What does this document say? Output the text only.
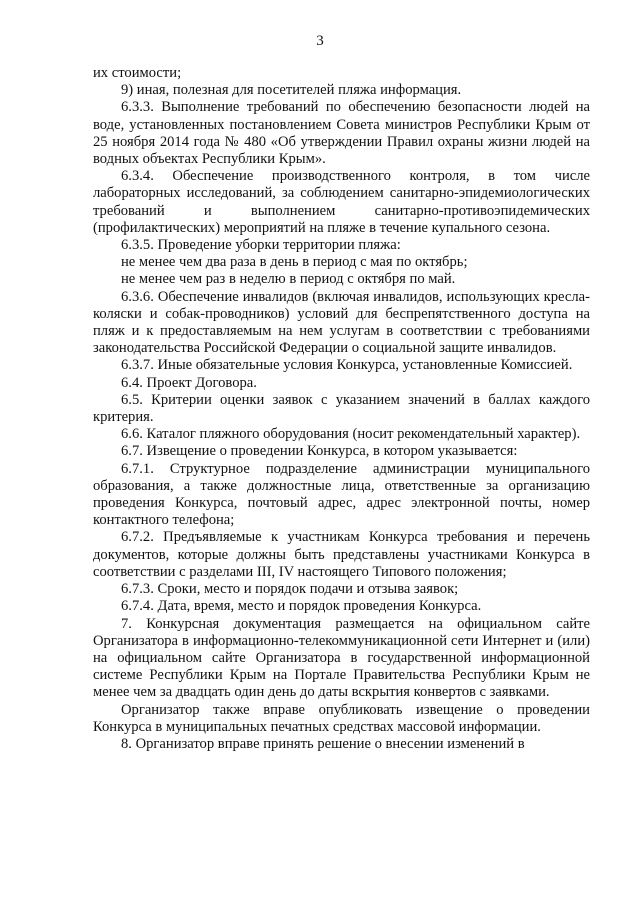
3

их стоимости;

9) иная, полезная для посетителей пляжа информация.

6.3.3. Выполнение требований по обеспечению безопасности людей на воде, установленных постановлением Совета министров Республики Крым от 25 ноября 2014 года № 480 «Об утверждении Правил охраны жизни людей на водных объектах Республики Крым».

6.3.4. Обеспечение производственного контроля, в том числе лабораторных исследований, за соблюдением санитарно-эпидемиологических требований и выполнением санитарно-противоэпидемических (профилактических) мероприятий на пляже в течение купального сезона.

6.3.5. Проведение уборки территории пляжа:

не менее чем два раза в день в период с мая по октябрь;

не менее чем раз в неделю в период с октября по май.

6.3.6. Обеспечение инвалидов (включая инвалидов, использующих кресла-коляски и собак-проводников) условий для беспрепятственного доступа на пляж и к предоставляемым на нем услугам в соответствии с требованиями законодательства Российской Федерации о социальной защите инвалидов.

6.3.7. Иные обязательные условия Конкурса, установленные Комиссией.

6.4. Проект Договора.

6.5. Критерии оценки заявок с указанием значений в баллах каждого критерия.

6.6. Каталог пляжного оборудования (носит рекомендательный характер).

6.7. Извещение о проведении Конкурса, в котором указывается:

6.7.1. Структурное подразделение администрации муниципального образования, а также должностные лица, ответственные за организацию проведения Конкурса, почтовый адрес, адрес электронной почты, номер контактного телефона;

6.7.2. Предъявляемые к участникам Конкурса требования и перечень документов, которые должны быть представлены участниками Конкурса в соответствии с разделами III, IV настоящего Типового положения;

6.7.3. Сроки, место и порядок подачи и отзыва заявок;

6.7.4. Дата, время, место и порядок проведения Конкурса.

7. Конкурсная документация размещается на официальном сайте Организатора в информационно-телекоммуникационной сети Интернет и (или) на официальном сайте Организатора в государственной информационной системе Республики Крым на Портале Правительства Республики Крым не менее чем за двадцать один день до даты вскрытия конвертов с заявками.

Организатор также вправе опубликовать извещение о проведении Конкурса в муниципальных печатных средствах массовой информации.

8. Организатор вправе принять решение о внесении изменений в
